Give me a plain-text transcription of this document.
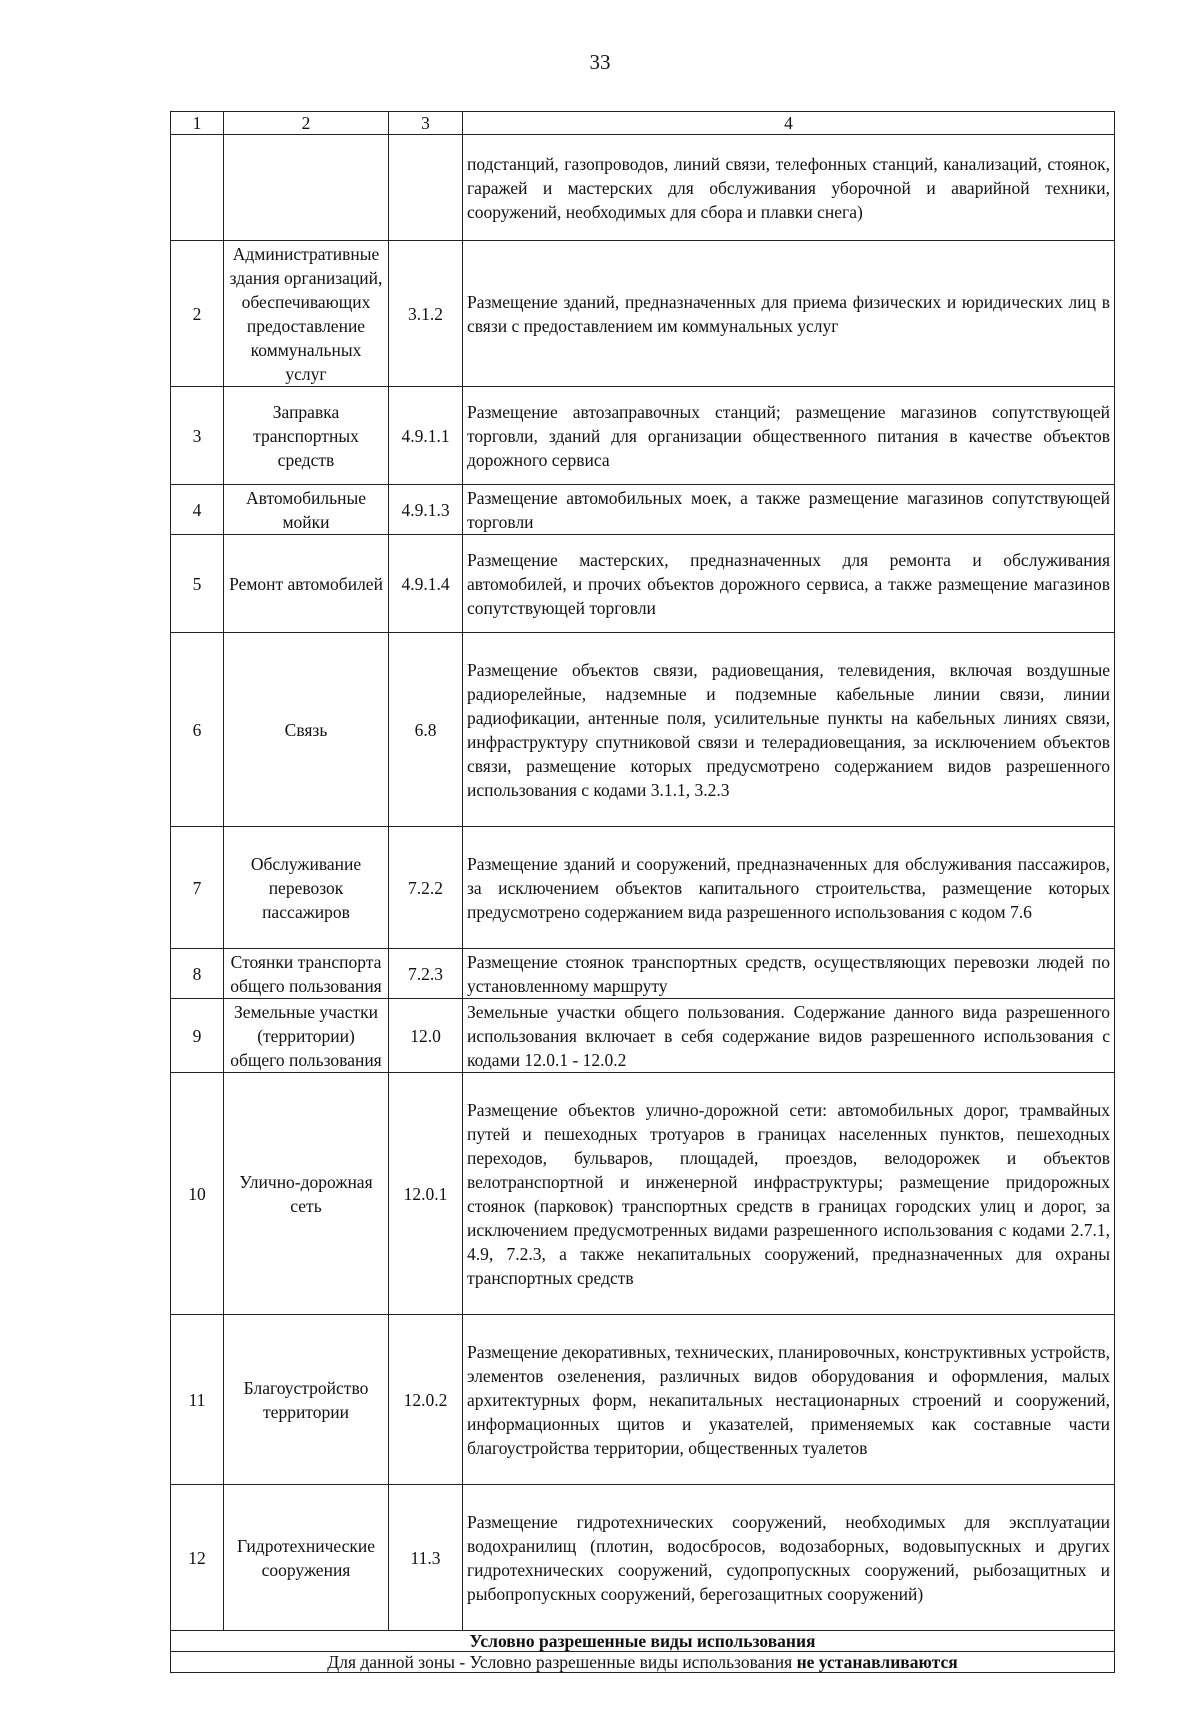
33
1	2	3	4
			подстанций, газопроводов, линий связи, телефонных станций, канализаций, стоянок, гаражей и мастерских для обслуживания уборочной и аварийной техники, сооружений, необходимых для сбора и плавки снега)
2	Административные здания организаций, обеспечивающих предоставление коммунальных услуг	3.1.2	Размещение зданий, предназначенных для приема физических и юридических лиц в связи с предоставлением им коммунальных услуг
3	Заправка транспортных средств	4.9.1.1	Размещение автозаправочных станций; размещение магазинов сопутствующей торговли, зданий для организации общественного питания в качестве объектов дорожного сервиса
4	Автомобильные мойки	4.9.1.3	Размещение автомобильных моек, а также размещение магазинов сопутствующей торговли
5	Ремонт автомобилей	4.9.1.4	Размещение мастерских, предназначенных для ремонта и обслуживания автомобилей, и прочих объектов дорожного сервиса, а также размещение магазинов сопутствующей торговли
6	Связь	6.8	Размещение объектов связи, радиовещания, телевидения, включая воздушные радиорелейные, надземные и подземные кабельные линии связи, линии радиофикации, антенные поля, усилительные пункты на кабельных линиях связи, инфраструктуру спутниковой связи и телерадиовещания, за исключением объектов связи, размещение которых предусмотрено содержанием видов разрешенного использования с кодами 3.1.1, 3.2.3
7	Обслуживание перевозок пассажиров	7.2.2	Размещение зданий и сооружений, предназначенных для обслуживания пассажиров, за исключением объектов капитального строительства, размещение которых предусмотрено содержанием вида разрешенного использования с кодом 7.6
8	Стоянки транспорта общего пользования	7.2.3	Размещение стоянок транспортных средств, осуществляющих перевозки людей по установленному маршруту
9	Земельные участки (территории) общего пользования	12.0	Земельные участки общего пользования. Содержание данного вида разрешенного использования включает в себя содержание видов разрешенного использования с кодами 12.0.1 - 12.0.2
10	Улично-дорожная сеть	12.0.1	Размещение объектов улично-дорожной сети: автомобильных дорог, трамвайных путей и пешеходных тротуаров в границах населенных пунктов, пешеходных переходов, бульваров, площадей, проездов, велодорожек и объектов велотранспортной и инженерной инфраструктуры; размещение придорожных стоянок (парковок) транспортных средств в границах городских улиц и дорог, за исключением предусмотренных видами разрешенного использования с кодами 2.7.1, 4.9, 7.2.3, а также некапитальных сооружений, предназначенных для охраны транспортных средств
11	Благоустройство территории	12.0.2	Размещение декоративных, технических, планировочных, конструктивных устройств, элементов озеленения, различных видов оборудования и оформления, малых архитектурных форм, некапитальных нестационарных строений и сооружений, информационных щитов и указателей, применяемых как составные части благоустройства территории, общественных туалетов
12	Гидротехнические сооружения	11.3	Размещение гидротехнических сооружений, необходимых для эксплуатации водохранилищ (плотин, водосбросов, водозаборных, водовыпускных и других гидротехнических сооружений, судопропускных сооружений, рыбозащитных и рыбопропускных сооружений, берегозащитных сооружений)
Условно разрешенные виды использования			
Для данной зоны - Условно разрешенные виды использования не устанавливаются			
